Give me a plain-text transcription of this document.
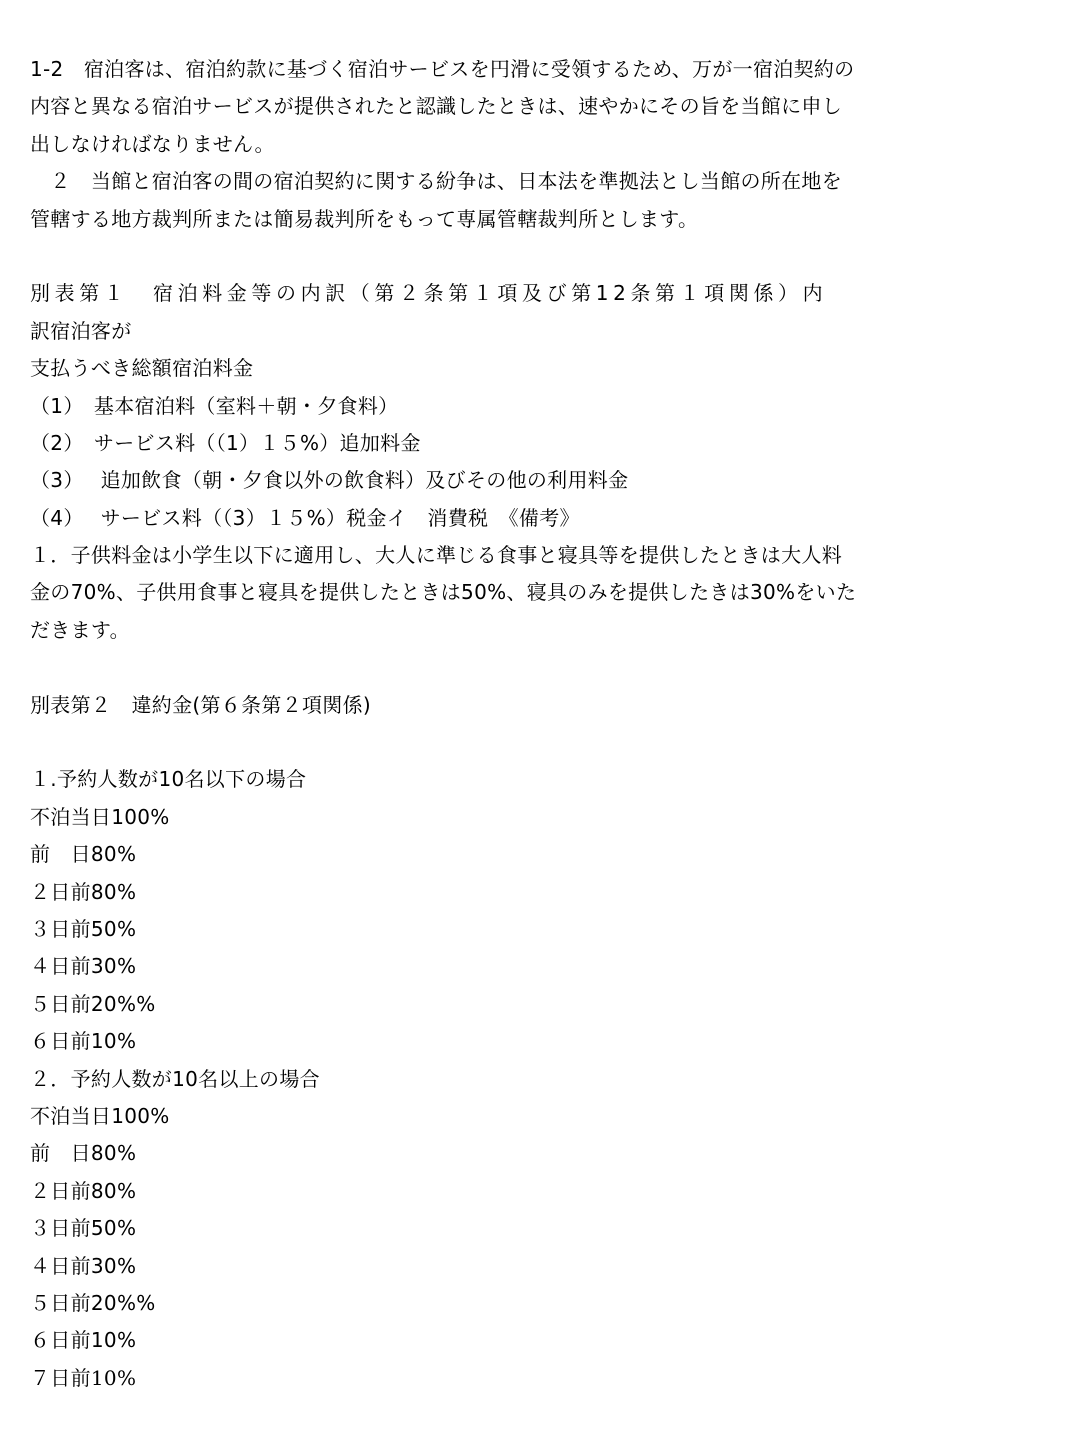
1-2　宿泊客は、宿泊約款に基づく宿泊サービスを円滑に受領するため、万が一宿泊契約の
内容と異なる宿泊サービスが提供されたと認識したときは、速やかにその旨を当館に申し
出しなければなりません。
　２　当館と宿泊客の間の宿泊契約に関する紛争は、日本法を準拠法とし当館の所在地を
管轄する地方裁判所または簡易裁判所をもって専属管轄裁判所とします。
別表第１　宿泊料金等の内訳（第２条第１項及び第12条第１項関係）内
訳宿泊客が
支払うべき総額宿泊料金
（1）　基本宿泊料（室料＋朝・夕食料）
（2）　サービス料（（1）１５%）追加料金
（3）　 追加飲食（朝・夕食以外の飲食料）及びその他の利用料金
（4）　 サービス料（（3）１５%）税金イ　消費税　《備考》
１．子供料金は小学生以下に適用し、大人に準じる食事と寝具等を提供したときは大人料
金の70%、子供用食事と寝具を提供したときは50%、寝具のみを提供したきは30%をいた
だきます。
別表第２　違約金(第６条第２項関係)
１.予約人数が10名以下の場合
不泊当日100%
前　日80%
２日前80%
３日前50%
４日前30%
５日前20%%
６日前10%
２．予約人数が10名以上の場合
不泊当日100%
前　日80%
２日前80%
３日前50%
４日前30%
５日前20%%
６日前10%
７日前10%
